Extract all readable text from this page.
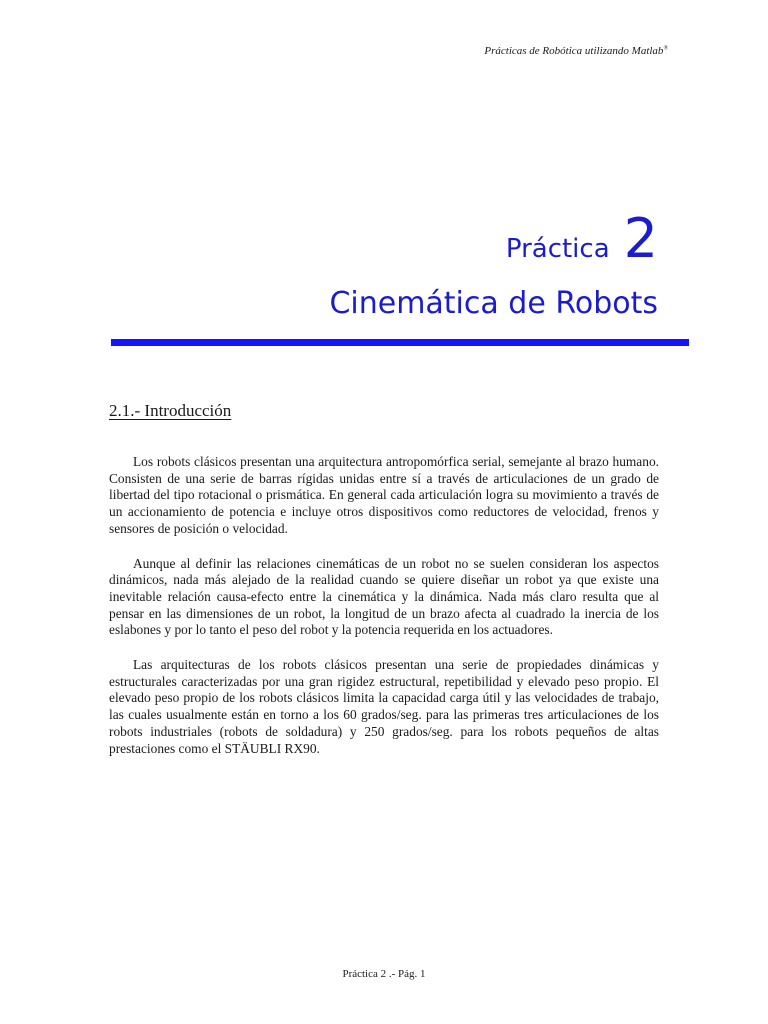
Prácticas de Robótica utilizando Matlab®
Práctica 2
Cinemática de Robots
2.1.- Introducción

Los robots clásicos presentan una arquitectura antropomórfica serial, semejante al brazo humano. Consisten de una serie de barras rígidas unidas entre sí a través de articulaciones de un grado de libertad del tipo rotacional o prismática. En general cada articulación logra su movimiento a través de un accionamiento de potencia e incluye otros dispositivos como reductores de velocidad, frenos y sensores de posición o velocidad.

Aunque al definir las relaciones cinemáticas de un robot no se suelen consideran los aspectos dinámicos, nada más alejado de la realidad cuando se quiere diseñar un robot ya que existe una inevitable relación causa-efecto entre la cinemática y la dinámica. Nada más claro resulta que al pensar en las dimensiones de un robot, la longitud de un brazo afecta al cuadrado la inercia de los eslabones y por lo tanto el peso del robot y la potencia requerida en los actuadores.

Las arquitecturas de los robots clásicos presentan una serie de propiedades dinámicas y estructurales caracterizadas por una gran rigidez estructural, repetibilidad y elevado peso propio. El elevado peso propio de los robots clásicos limita la capacidad carga útil y las velocidades de trabajo, las cuales usualmente están en torno a los 60 grados/seg. para las primeras tres articulaciones de los robots industriales (robots de soldadura) y 250 grados/seg. para los robots pequeños de altas prestaciones como el STÄUBLI RX90.

Práctica 2 .- Pág. 1
